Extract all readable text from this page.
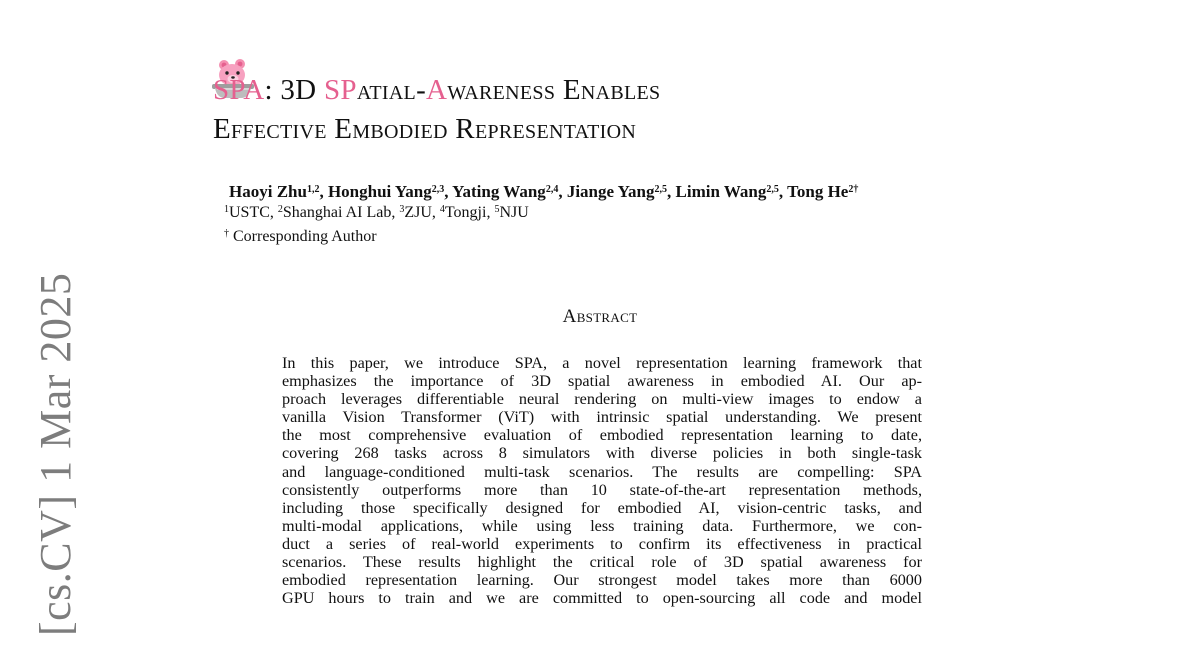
[cs.CV] 1 Mar 2025
SPA: 3D SPatial-Awareness Enables
Effective Embodied Representation
Haoyi Zhu$^{1,2}$, Honghui Yang$^{2,3}$, Yating Wang$^{2,4}$, Jiange Yang$^{2,5}$, Limin Wang$^{2,5}$, Tong $He^{2\dagger}$
$^1$USTC, $^2$Shanghai AI Lab, $^3$ZJU, $^4$Tongji, $^5$NJU
† Corresponding Author
Abstract
In this paper, we introduce SPA, a novel representation learning framework that
emphasizes the importance of 3D spatial awareness in embodied AI. Our ap-
proach leverages differentiable neural rendering on multi-view images to endow a
vanilla Vision Transformer (ViT) with intrinsic spatial understanding. We present
the most comprehensive evaluation of embodied representation learning to date,
covering 268 tasks across 8 simulators with diverse policies in both single-task
and language-conditioned multi-task scenarios. The results are compelling: SPA
consistently outperforms more than 10 state-of-the-art representation methods,
including those specifically designed for embodied AI, vision-centric tasks, and
multi-modal applications, while using less training data. Furthermore, we con-
duct a series of real-world experiments to confirm its effectiveness in practical
scenarios. These results highlight the critical role of 3D spatial awareness for
embodied representation learning. Our strongest model takes more than 6000
GPU hours to train and we are committed to open-sourcing all code and model
